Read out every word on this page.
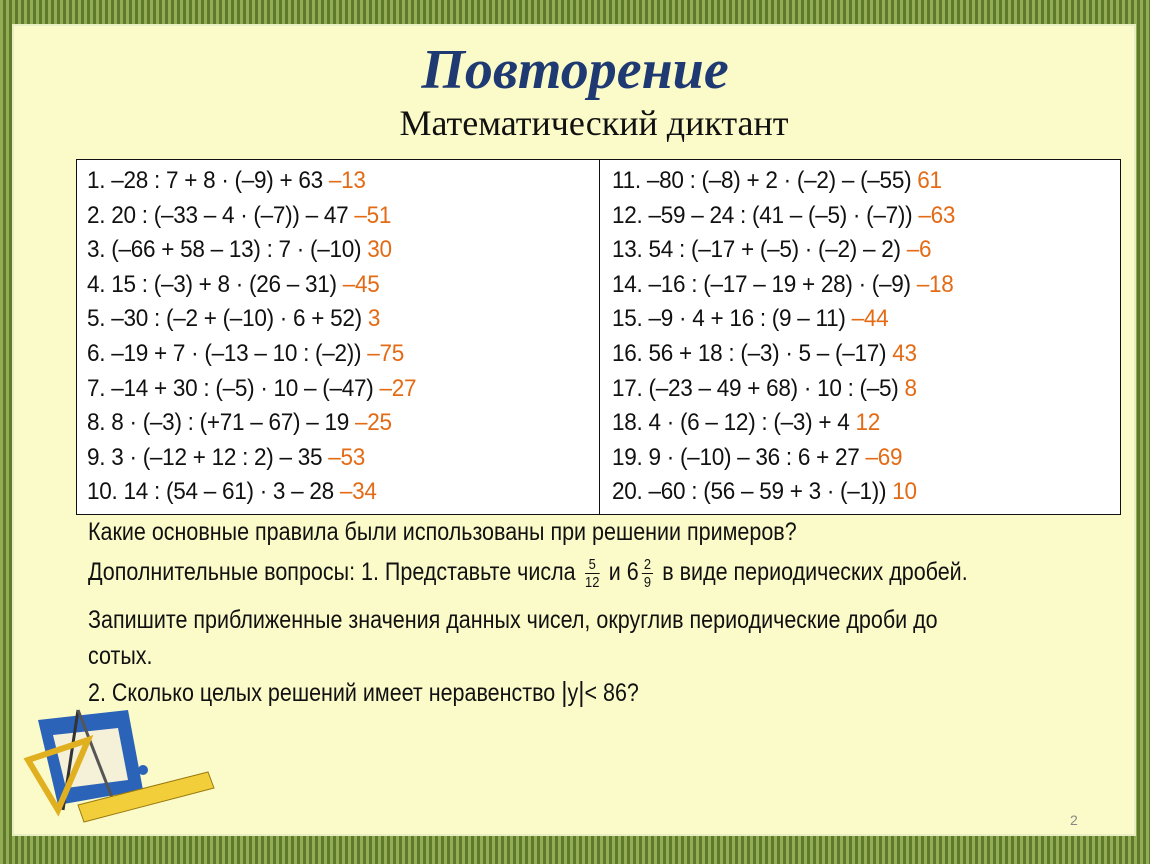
Повторение
Математический диктант
1. –28 : 7 + 8 · (–9) + 63 –13
2. 20 : (–33 – 4 · (–7)) – 47 –51
3. (–66 + 58 – 13) : 7 · (–10) 30
4. 15 : (–3) + 8 · (26 – 31) –45
5. –30 : (–2 + (–10) · 6 + 52) 3
6. –19 + 7 · (–13 – 10 : (–2)) –75
7. –14 + 30 : (–5) · 10 – (–47) –27
8. 8 · (–3) : (+71 – 67) – 19 –25
9. 3 · (–12 + 12 : 2) – 35 –53
10. 14 : (54 – 61) · 3 – 28 –34
11. –80 : (–8) + 2 · (–2) – (–55) 61
12. –59 – 24 : (41 – (–5) · (–7)) –63
13. 54 : (–17 + (–5) · (–2) – 2) –6
14. –16 : (–17 – 19 + 28) · (–9) –18
15. –9 · 4 + 16 : (9 – 11) –44
16. 56 + 18 : (–3) · 5 – (–17) 43
17. (–23 – 49 + 68) · 10 : (–5) 8
18. 4 · (6 – 12) : (–3) + 4 12
19. 9 · (–10) – 36 : 6 + 27 –69
20. –60 : (56 – 59 + 3 · (–1)) 10
Какие основные правила были использованы при решении примеров?
Дополнительные вопросы: 1. Представьте числа $\frac{5}{12}$ и $6 \frac{2}{9}$ в виде периодических дробей.
Запишите приближенные значения данных чисел, округлив периодические дроби до
сотых.
2. Сколько целых решений имеет неравенство |y|< 86?
2
